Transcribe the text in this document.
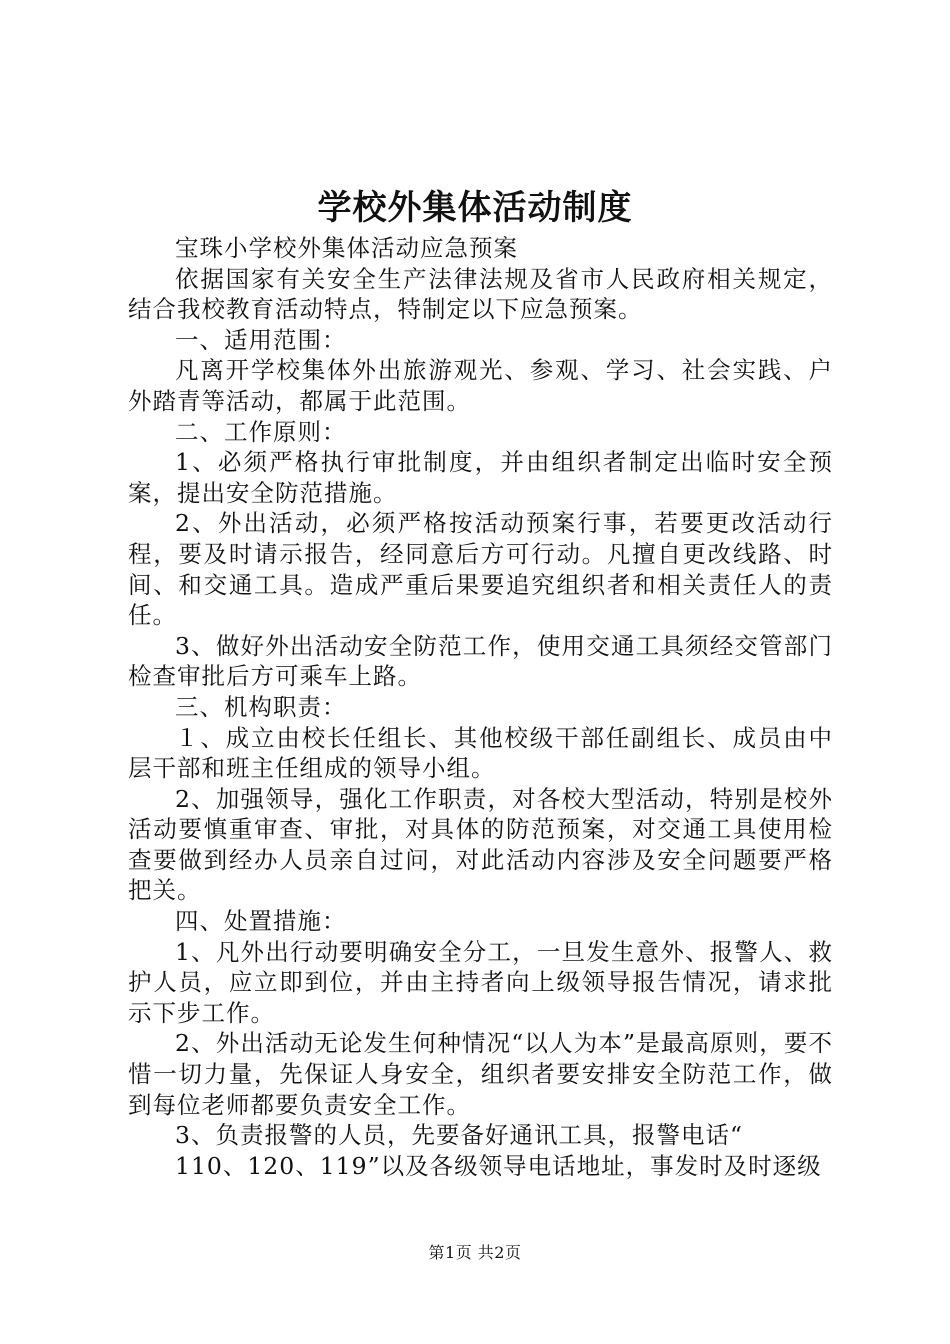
学校外集体活动制度

宝珠小学校外集体活动应急预案

依据国家有关安全生产法律法规及省市人民政府相关规定，结合我校教育活动特点，特制定以下应急预案。

一、适用范围：

凡离开学校集体外出旅游观光、参观、学习、社会实践、户外踏青等活动，都属于此范围。

二、工作原则：

1、必须严格执行审批制度，并由组织者制定出临时安全预案，提出安全防范措施。

2、外出活动，必须严格按活动预案行事，若要更改活动行程，要及时请示报告，经同意后方可行动。凡擅自更改线路、时间、和交通工具。造成严重后果要追究组织者和相关责任人的责任。

3、做好外出活动安全防范工作，使用交通工具须经交管部门检查审批后方可乘车上路。

三、机构职责：

１、成立由校长任组长、其他校级干部任副组长、成员由中层干部和班主任组成的领导小组。

2、加强领导，强化工作职责，对各校大型活动，特别是校外活动要慎重审查、审批，对具体的防范预案，对交通工具使用检查要做到经办人员亲自过问，对此活动内容涉及安全问题要严格把关。

四、处置措施：

1、凡外出行动要明确安全分工，一旦发生意外、报警人、救护人员，应立即到位，并由主持者向上级领导报告情况，请求批示下步工作。

2、外出活动无论发生何种情况“以人为本”是最高原则，要不惜一切力量，先保证人身安全，组织者要安排安全防范工作，做到每位老师都要负责安全工作。

3、负责报警的人员，先要备好通讯工具，报警电话“

110、120、119”以及各级领导电话地址，事发时及时逐级

第1页 共2页
